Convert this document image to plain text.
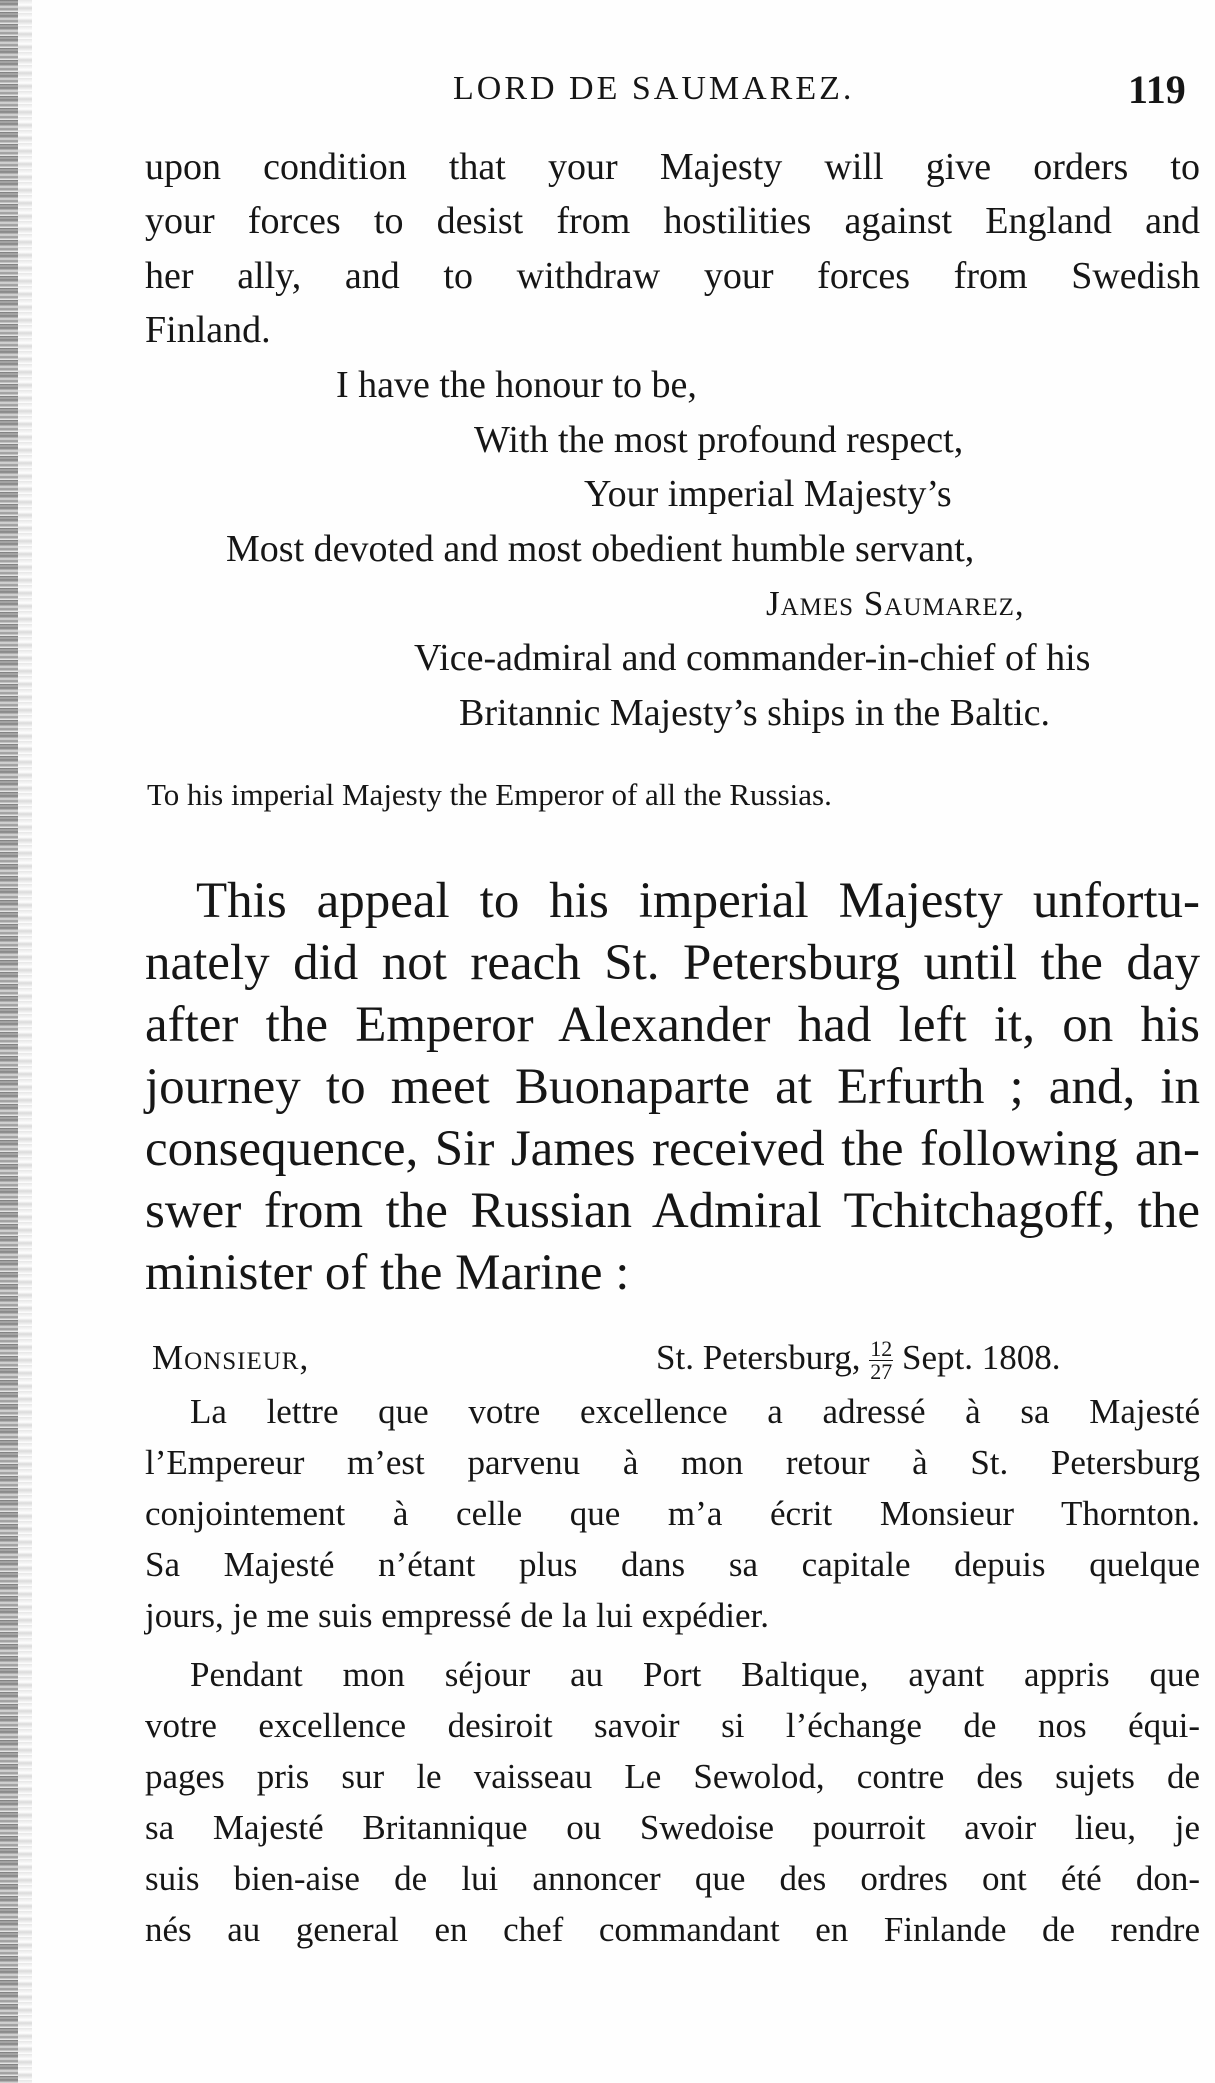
LORD DE SAUMAREZ.	119
upon condition that your Majesty will give orders to
your forces to desist from hostilities against England and
her ally, and to withdraw your forces from Swedish
Finland.
I have the honour to be,
With the most profound respect,
Your imperial Majesty’s
Most devoted and most obedient humble servant,
James Saumarez,
Vice-admiral and commander-in-chief of his
Britannic Majesty’s ships in the Baltic.
To his imperial Majesty the Emperor of all the Russias.
This appeal to his imperial Majesty unfortu-
nately did not reach St. Petersburg until the day
after the Emperor Alexander had left it, on his
journey to meet Buonaparte at Erfurth ; and, in
consequence, Sir James received the following an-
swer from the Russian Admiral Tchitchagoff, the
minister of the Marine :
Monsieur,	St. Petersburg, $\frac{12}{27}$ Sept. 1808.
La lettre que votre excellence a adressé à sa Majesté
l’Empereur m’est parvenu à mon retour à St. Petersburg
conjointement à celle que m’a écrit Monsieur Thornton.
Sa Majesté n’étant plus dans sa capitale depuis quelque
jours, je me suis empressé de la lui expédier.
Pendant mon séjour au Port Baltique, ayant appris que
votre excellence desiroit savoir si l’échange de nos équi-
pages pris sur le vaisseau Le Sewolod, contre des sujets de
sa Majesté Britannique ou Swedoise pourroit avoir lieu, je
suis bien-aise de lui annoncer que des ordres ont été don-
nés au general en chef commandant en Finlande de rendre
